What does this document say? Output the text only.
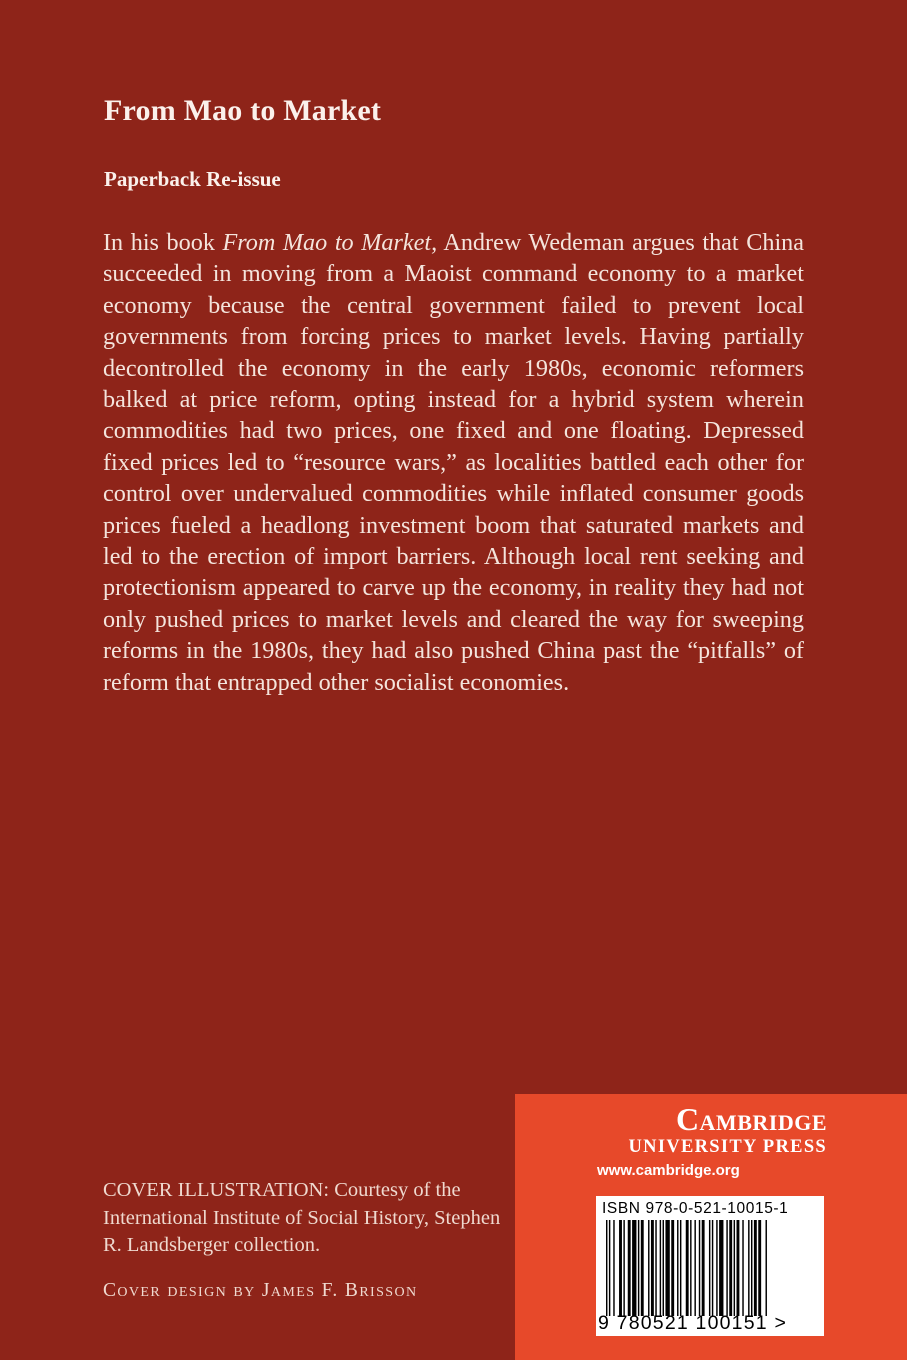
From Mao to Market
Paperback Re-issue
In his book From Mao to Market, Andrew Wedeman argues that China succeeded in moving from a Maoist command economy to a market economy because the central government failed to prevent local governments from forcing prices to market levels. Having partially decontrolled the economy in the early 1980s, economic reformers balked at price reform, opting instead for a hybrid system wherein commodities had two prices, one fixed and one floating. Depressed fixed prices led to “resource wars,” as localities battled each other for control over undervalued commodities while inflated consumer goods prices fueled a headlong investment boom that saturated markets and led to the erection of import barriers. Although local rent seeking and protectionism appeared to carve up the economy, in reality they had not only pushed prices to market levels and cleared the way for sweeping reforms in the 1980s, they had also pushed China past the “pitfalls” of reform that entrapped other socialist economies.
COVER ILLUSTRATION: Courtesy of the International Institute of Social History, Stephen R. Landsberger collection.
Cover design by James F. Brisson
Cambridge
UNIVERSITY PRESS
www.cambridge.org
ISBN 978-0-521-10015-1
9 780521 100151 >
